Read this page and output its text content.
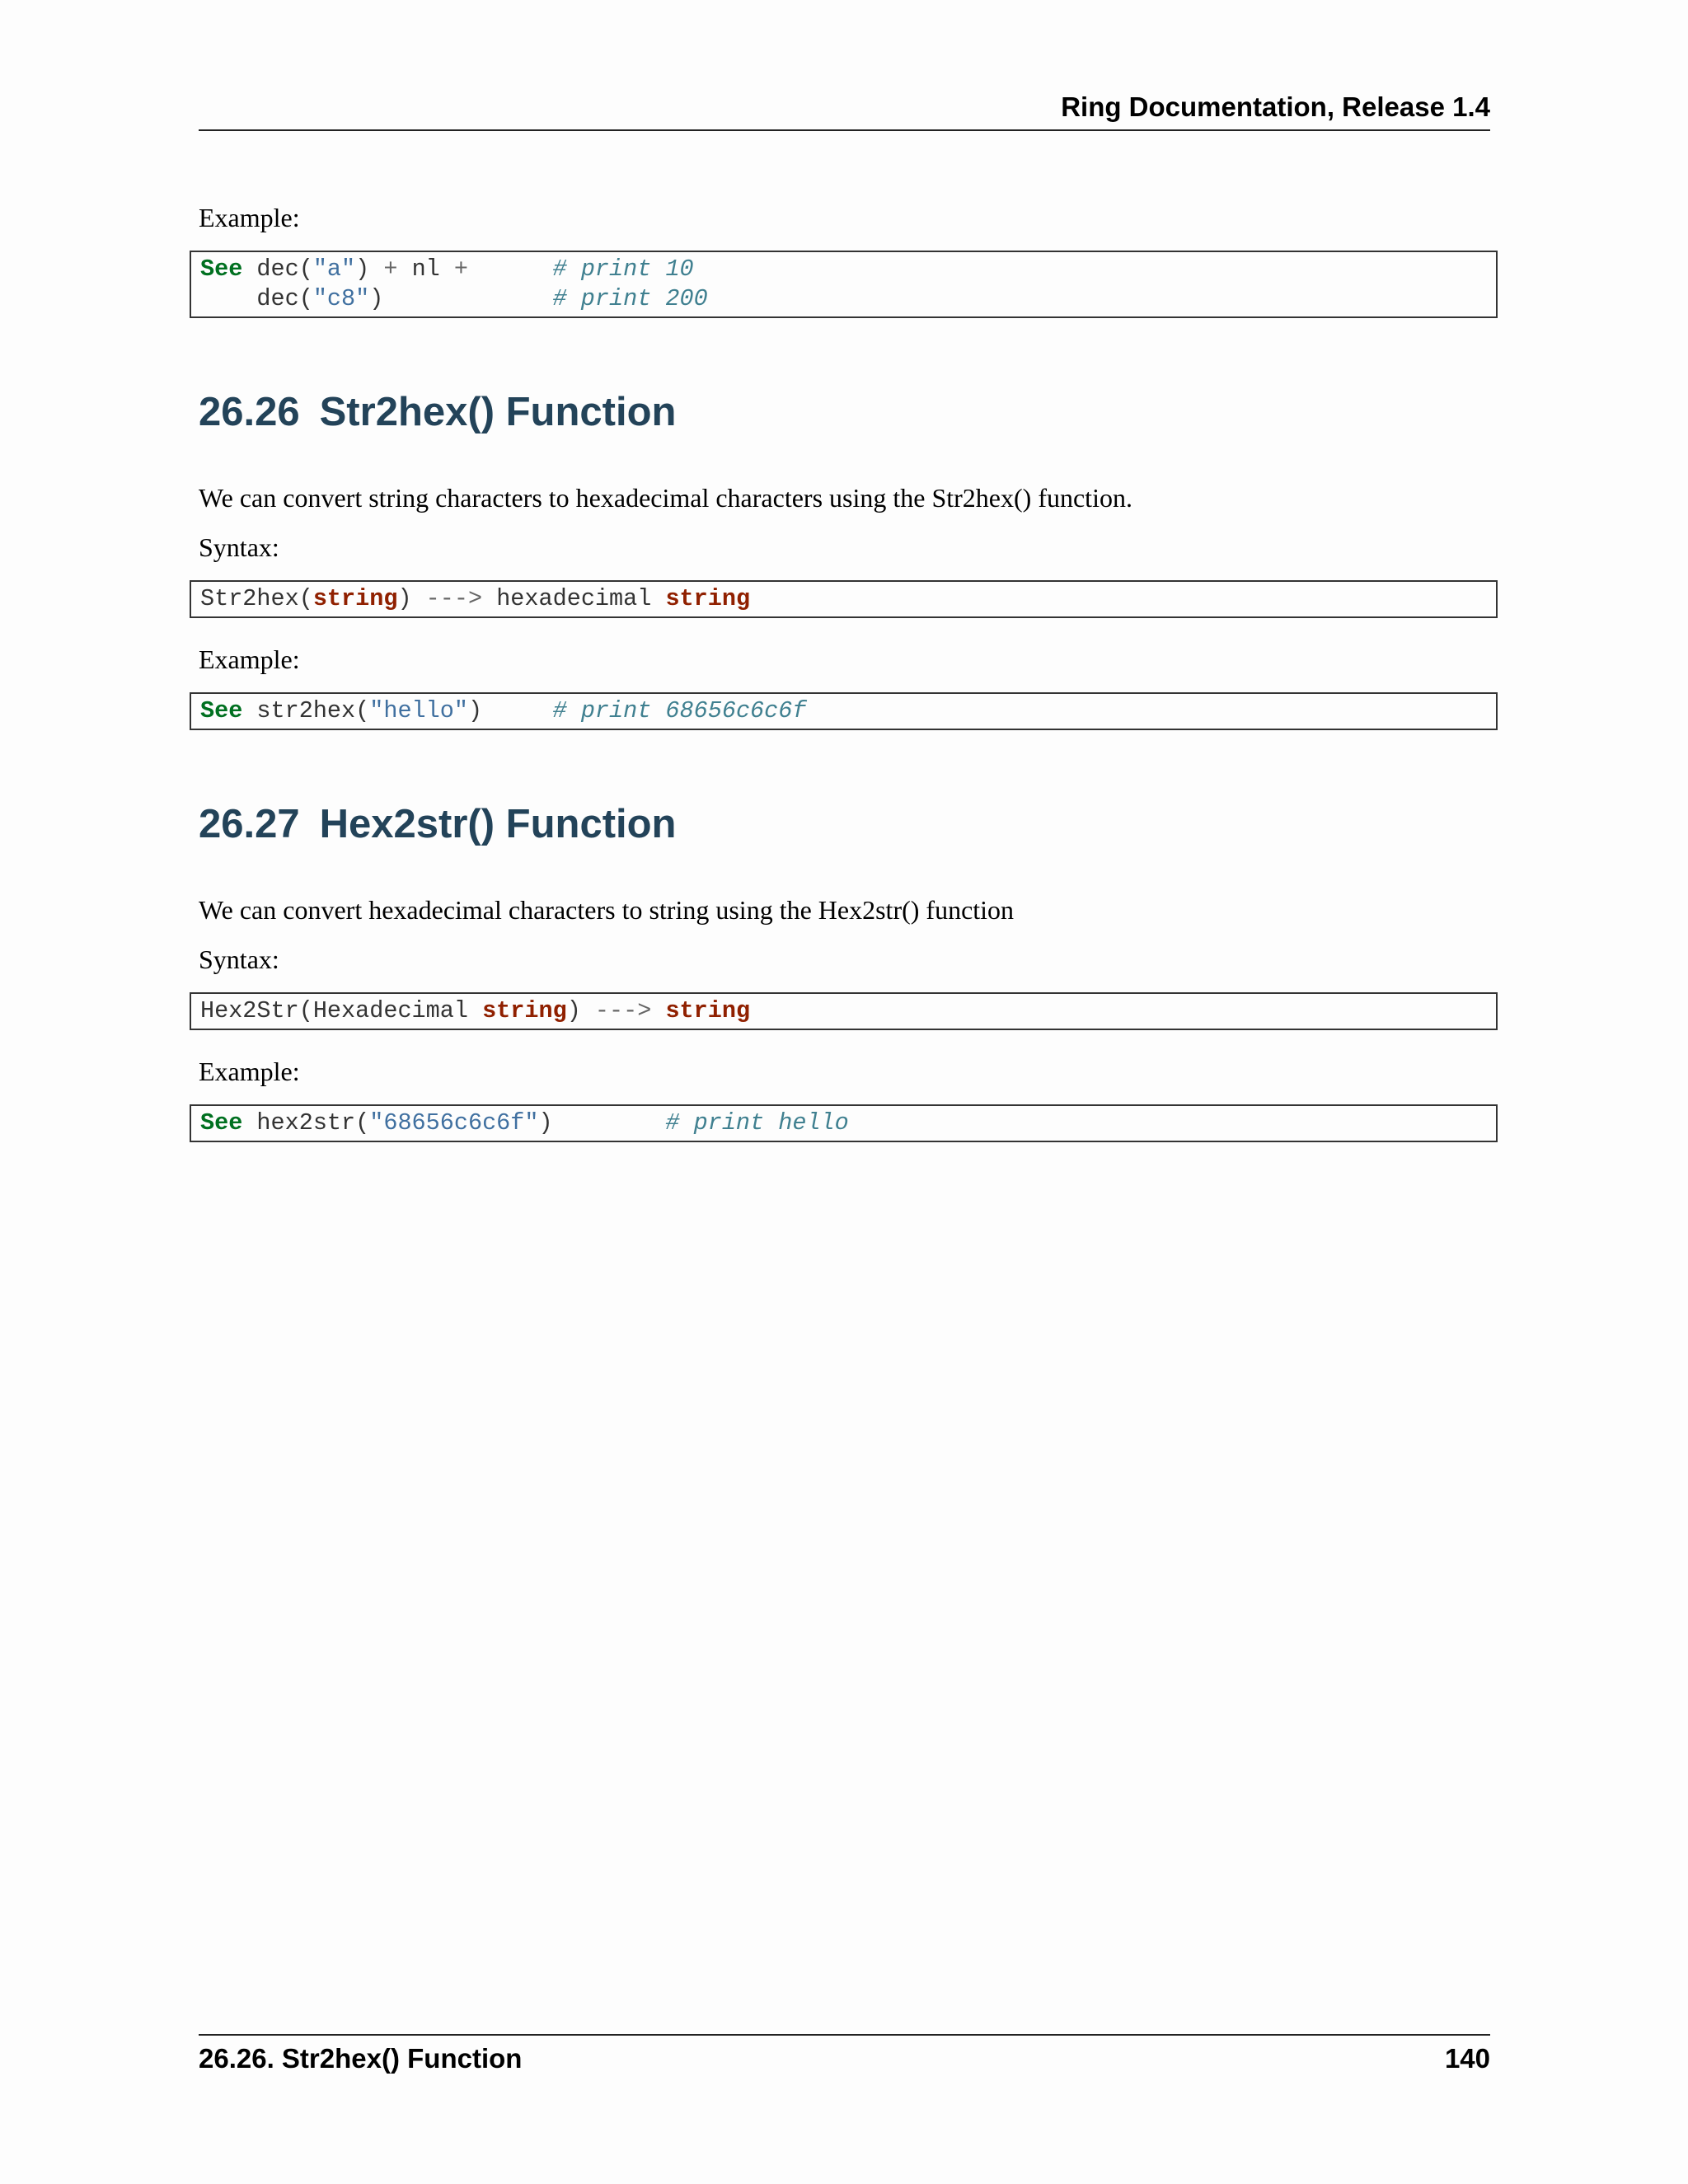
Ring Documentation, Release 1.4
Example:
See dec("a") + nl +	# print 10
dec("c8")	# print 200
26.26 Str2hex() Function
We can convert string characters to hexadecimal characters using the Str2hex() function.
Syntax:
Str2hex(string) ---> hexadecimal string
Example:
See str2hex("hello")	# print 68656c6c6f
26.27 Hex2str() Function
We can convert hexadecimal characters to string using the Hex2str() function
Syntax:
Hex2Str(Hexadecimal string) ---> string
Example:
See hex2str("68656c6c6f")	# print hello
26.26. Str2hex() Function	140
